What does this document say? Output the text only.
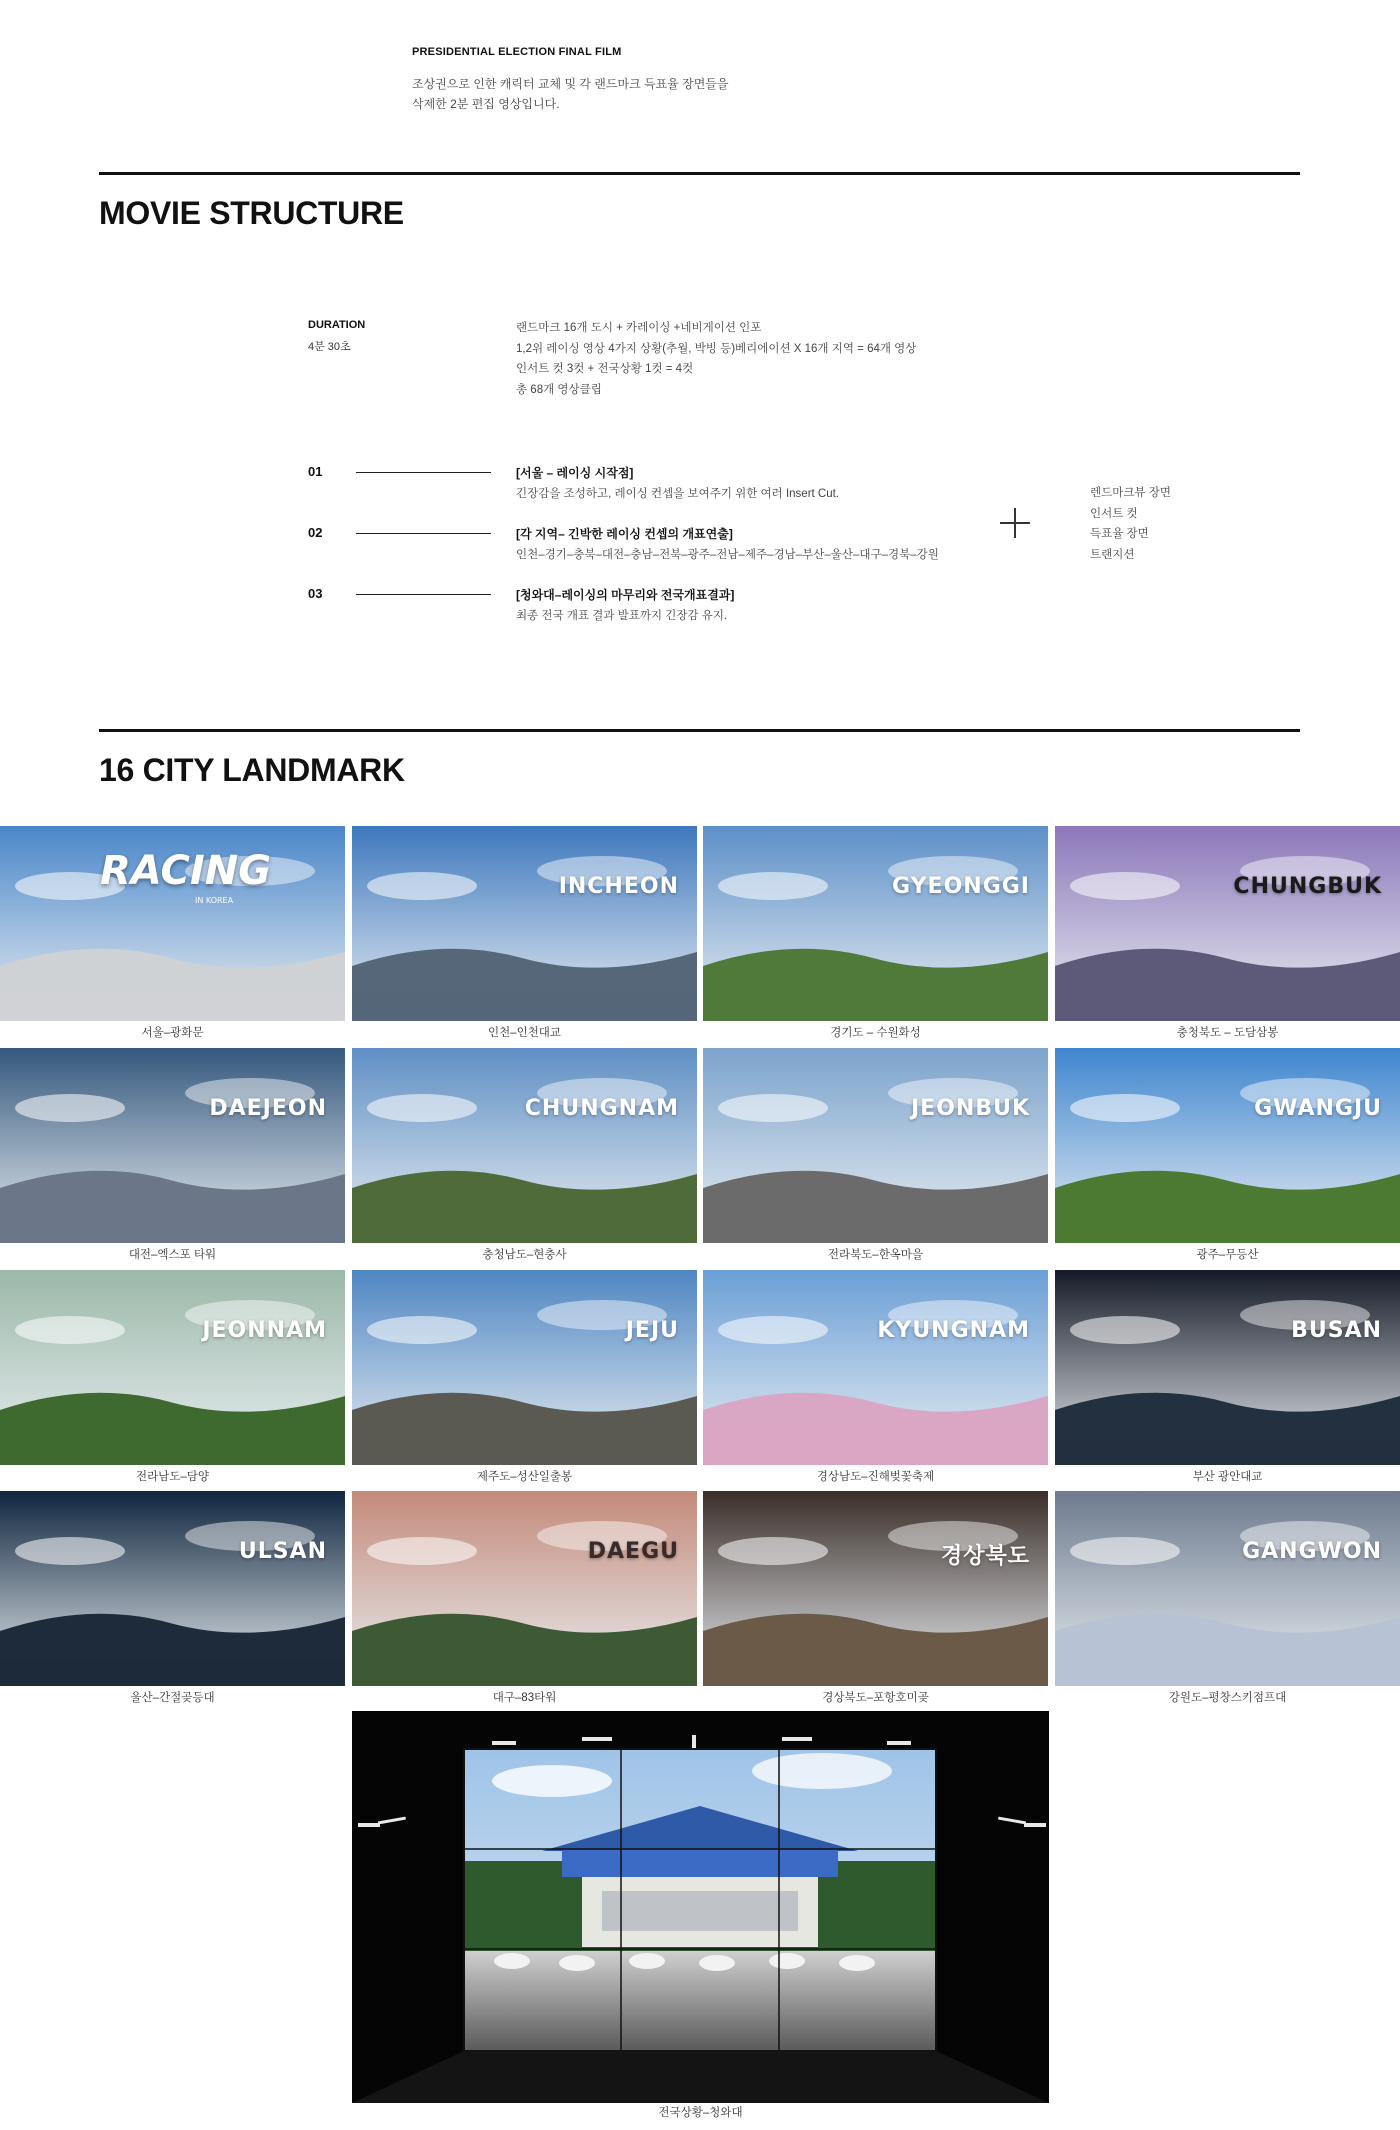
PRESIDENTIAL ELECTION FINAL FILM
조상권으로 인한 캐릭터 교체 및 각 랜드마크 득표율 장면들을
삭제한 2분 편집 영상입니다.
MOVIE STRUCTURE
DURATION
4분 30초
랜드마크 16개 도시 + 카레이싱 +네비게이션 인포
1,2위 레이싱 영상 4가지 상황(추월, 박빙 등)베리에이션 X 16개 지역 = 64개 영상
인서트 컷 3컷 + 전국상황 1컷 = 4컷
총 68개 영상클립
01	[서울 – 레이싱 시작점]
긴장감을 조성하고, 레이싱 컨셉을 보여주기 위한 여러 Insert Cut.
02	[각 지역– 긴박한 레이싱 컨셉의 개표연출]
인천–경기–충북–대전–충남–전북–광주–전남–제주–경남–부산–울산–대구–경북–강원
03	[청와대–레이싱의 마무리와 전국개표결과]
최종 전국 개표 결과 발표까지 긴장감 유지.
렌드마크뷰 장면
인서트 컷
득표율 장면
트랜지션
16 CITY LANDMARK
RACING
IN KOREA
서울–광화문
INCHEON
인천–인천대교
GYEONGGI
경기도 – 수원화성
CHUNGBUK
충청북도 – 도담삼봉
DAEJEON
대전–엑스포 타워
CHUNGNAM
충청남도–현충사
JEONBUK
전라북도–한옥마을
GWANGJU
광주–무등산
JEONNAM
전라남도–담양
JEJU
제주도–성산일출봉
KYUNGNAM
경상남도–진해벚꽃축제
BUSAN
부산 광안대교
ULSAN
울산–간절곶등대
DAEGU
대구–83타워
경상북도
경상북도–포항호미곶
GANGWON
강원도–평창스키점프대
전국상황–청와대
